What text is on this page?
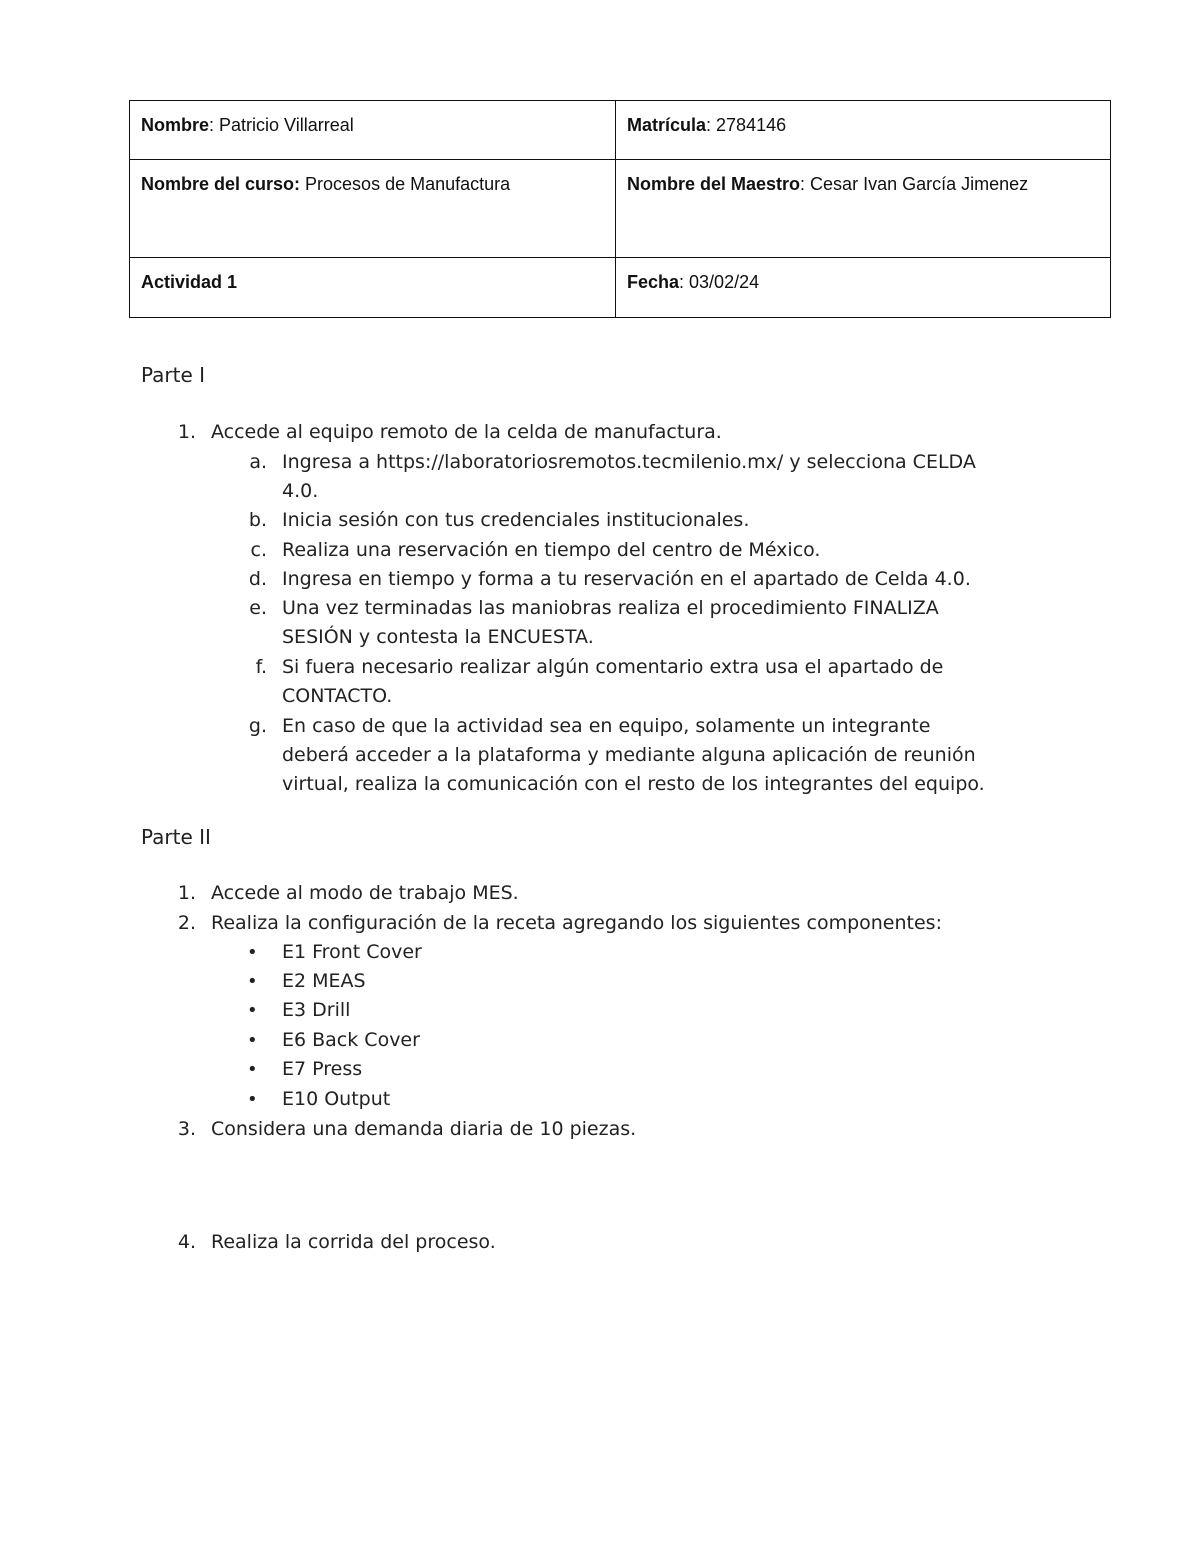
Nombre: Patricio Villarreal	Matrícula: 2784146
Nombre del curso: Procesos de Manufactura	Nombre del Maestro: Cesar Ivan García Jimenez
Actividad 1	Fecha: 03/02/24
Parte I
1. Accede al equipo remoto de la celda de manufactura.
a. Ingresa a https://laboratoriosremotos.tecmilenio.mx/ y selecciona CELDA
4.0.
b. Inicia sesión con tus credenciales institucionales.
c. Realiza una reservación en tiempo del centro de México.
d. Ingresa en tiempo y forma a tu reservación en el apartado de Celda 4.0.
e. Una vez terminadas las maniobras realiza el procedimiento FINALIZA
SESIÓN y contesta la ENCUESTA.
f. Si fuera necesario realizar algún comentario extra usa el apartado de
CONTACTO.
g. En caso de que la actividad sea en equipo, solamente un integrante
deberá acceder a la plataforma y mediante alguna aplicación de reunión
virtual, realiza la comunicación con el resto de los integrantes del equipo.
Parte II
1. Accede al modo de trabajo MES.
2. Realiza la configuración de la receta agregando los siguientes componentes:
• E1 Front Cover
• E2 MEAS
• E3 Drill
• E6 Back Cover
• E7 Press
• E10 Output
3. Considera una demanda diaria de 10 piezas.
4. Realiza la corrida del proceso.
